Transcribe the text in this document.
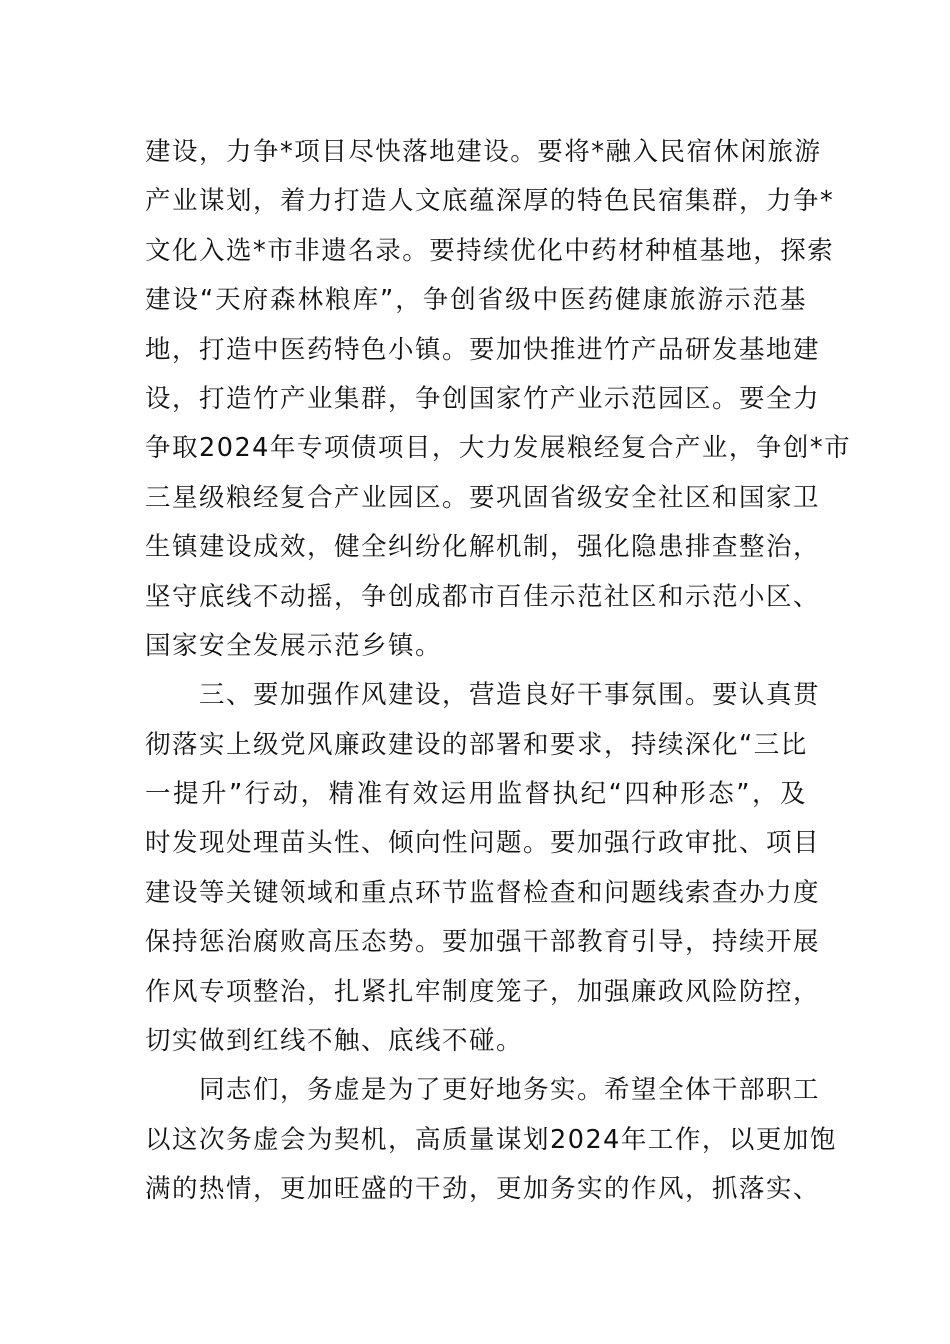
建设，力争*项目尽快落地建设。要将*融入民宿休闲旅游
产业谋划，着力打造人文底蕴深厚的特色民宿集群，力争*
文化入选*市非遗名录。要持续优化中药材种植基地，探索
建设“天府森林粮库”，争创省级中医药健康旅游示范基
地，打造中医药特色小镇。要加快推进竹产品研发基地建
设，打造竹产业集群，争创国家竹产业示范园区。要全力
争取2024年专项债项目，大力发展粮经复合产业，争创*市
三星级粮经复合产业园区。要巩固省级安全社区和国家卫
生镇建设成效，健全纠纷化解机制，强化隐患排查整治，
坚守底线不动摇，争创成都市百佳示范社区和示范小区、
国家安全发展示范乡镇。
三、要加强作风建设，营造良好干事氛围。要认真贯
彻落实上级党风廉政建设的部署和要求，持续深化“三比
一提升”行动，精准有效运用监督执纪“四种形态”，及
时发现处理苗头性、倾向性问题。要加强行政审批、项目
建设等关键领域和重点环节监督检查和问题线索查办力度
保持惩治腐败高压态势。要加强干部教育引导，持续开展
作风专项整治，扎紧扎牢制度笼子，加强廉政风险防控，
切实做到红线不触、底线不碰。
同志们，务虚是为了更好地务实。希望全体干部职工
以这次务虚会为契机，高质量谋划2024年工作，以更加饱
满的热情，更加旺盛的干劲，更加务实的作风，抓落实、
